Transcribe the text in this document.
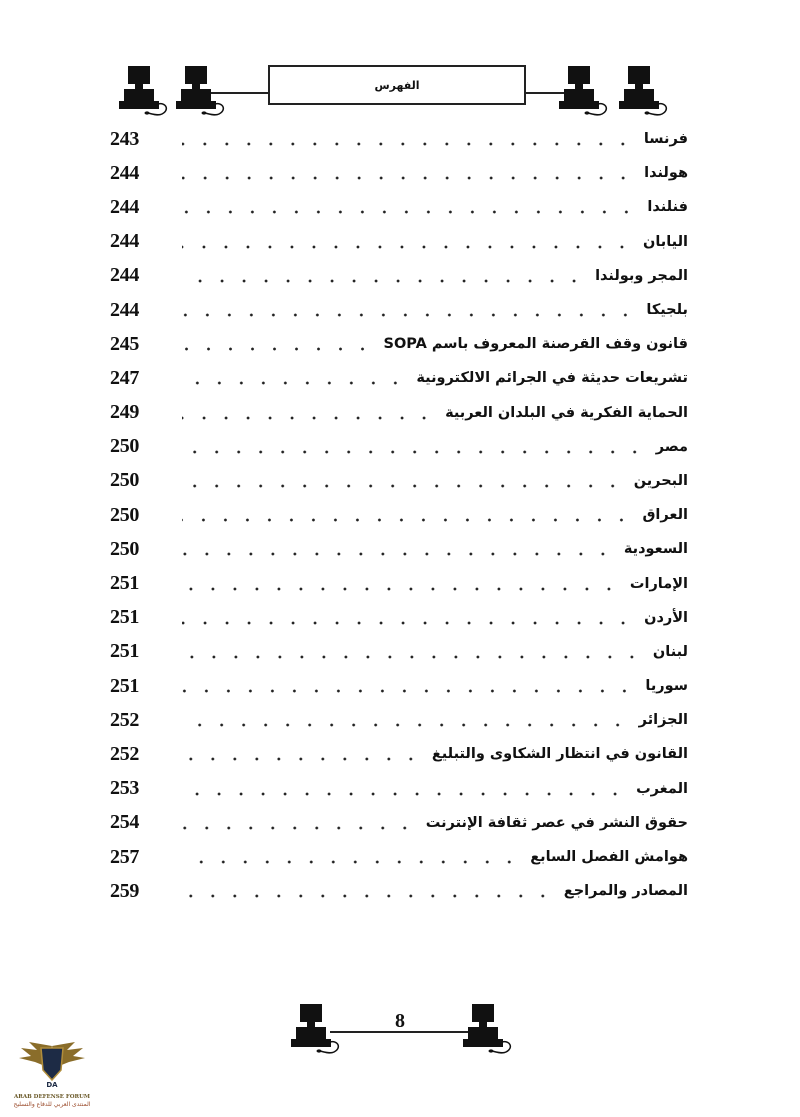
الفهرس
243	فرنسا
244	هولندا
244	فنلندا
244	اليابان
244	المجر وبولندا
244	بلجيكا
245	قانون وقف القرصنة المعروف باسم SOPA
247	تشريعات حديثة في الجرائم الالكترونية
249	الحماية الفكرية في البلدان العربية
250	مصر
250	البحرين
250	العراق
250	السعودية
251	الإمارات
251	الأردن
251	لبنان
251	سوريا
252	الجزائر
252	القانون في انتظار الشكاوى والتبليغ
253	المغرب
254	حقوق النشر في عصر ثقافة الإنترنت
257	هوامش الفصل السابع
259	المصادر والمراجع
8
DA
ARAB DEFENSE FORUM
المنتدى العربي للدفاع والتسليح
